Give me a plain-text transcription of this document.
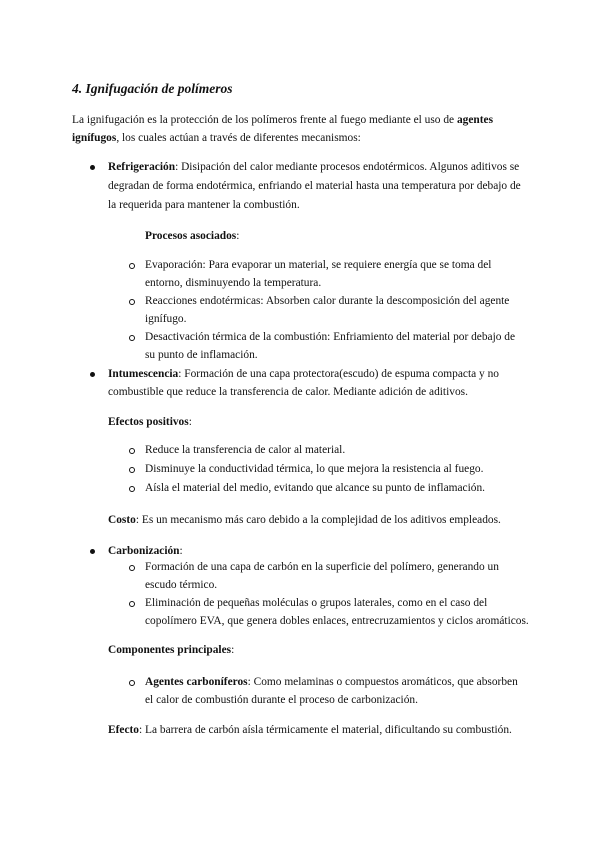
4. Ignifugación de polímeros
La ignifugación es la protección de los polímeros frente al fuego mediante el uso de agentes
ignífugos, los cuales actúan a través de diferentes mecanismos:
Refrigeración: Disipación del calor mediante procesos endotérmicos. Algunos aditivos se
degradan de forma endotérmica, enfriando el material hasta una temperatura por debajo de
la requerida para mantener la combustión.
Procesos asociados:
Evaporación: Para evaporar un material, se requiere energía que se toma del
entorno, disminuyendo la temperatura.
Reacciones endotérmicas: Absorben calor durante la descomposición del agente
ignífugo.
Desactivación térmica de la combustión: Enfriamiento del material por debajo de
su punto de inflamación.
Intumescencia: Formación de una capa protectora(escudo) de espuma compacta y no
combustible que reduce la transferencia de calor. Mediante adición de aditivos.
Efectos positivos:
Reduce la transferencia de calor al material.
Disminuye la conductividad térmica, lo que mejora la resistencia al fuego.
Aísla el material del medio, evitando que alcance su punto de inflamación.
Costo: Es un mecanismo más caro debido a la complejidad de los aditivos empleados.
Carbonización:
Formación de una capa de carbón en la superficie del polímero, generando un
escudo térmico.
Eliminación de pequeñas moléculas o grupos laterales, como en el caso del
copolímero EVA, que genera dobles enlaces, entrecruzamientos y ciclos aromáticos.
Componentes principales:
Agentes carboníferos: Como melaminas o compuestos aromáticos, que absorben
el calor de combustión durante el proceso de carbonización.
Efecto: La barrera de carbón aísla térmicamente el material, dificultando su combustión.
